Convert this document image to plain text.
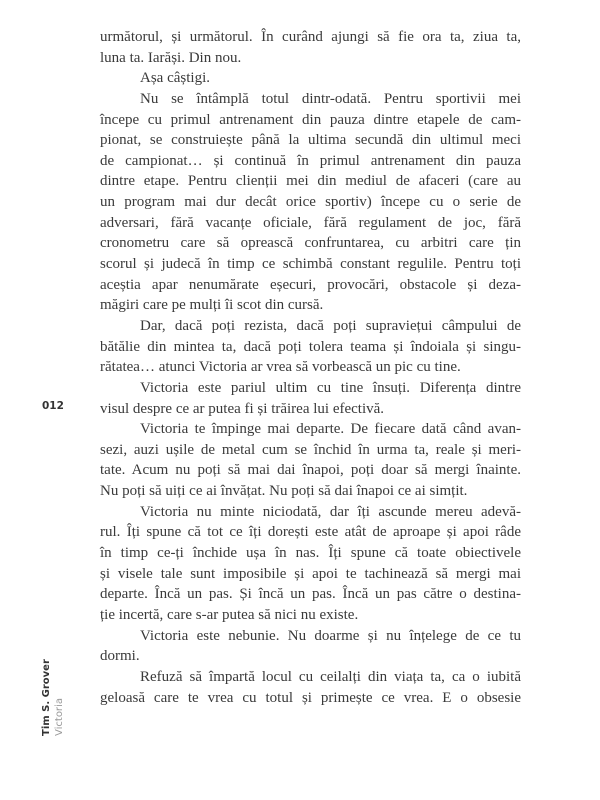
următorul, și următorul. În curând ajungi să fie ora ta, ziua ta,
luna ta. Iarăși. Din nou.
Așa câștigi.
Nu se întâmplă totul dintr-odată. Pentru sportivii mei
începe cu primul antrenament din pauza dintre etapele de cam-
pionat, se construiește până la ultima secundă din ultimul meci
de campionat… și continuă în primul antrenament din pauza
dintre etape. Pentru clienții mei din mediul de afaceri (care au
un program mai dur decât orice sportiv) începe cu o serie de
adversari, fără vacanțe oficiale, fără regulament de joc, fără
cronometru care să oprească confruntarea, cu arbitri care țin
scorul și judecă în timp ce schimbă constant regulile. Pentru toți
aceștia apar nenumărate eșecuri, provocări, obstacole și deza-
măgiri care pe mulți îi scot din cursă.
Dar, dacă poți rezista, dacă poți supraviețui câmpului de
bătălie din mintea ta, dacă poți tolera teama și îndoiala și singu-
rătatea… atunci Victoria ar vrea să vorbească un pic cu tine.
Victoria este pariul ultim cu tine însuți. Diferența dintre
visul despre ce ar putea fi și trăirea lui efectivă.
Victoria te împinge mai departe. De fiecare dată când avan-
sezi, auzi ușile de metal cum se închid în urma ta, reale și meri-
tate. Acum nu poți să mai dai înapoi, poți doar să mergi înainte.
Nu poți să uiți ce ai învățat. Nu poți să dai înapoi ce ai simțit.
Victoria nu minte niciodată, dar îți ascunde mereu adevă-
rul. Îți spune că tot ce îți dorești este atât de aproape și apoi râde
în timp ce-ți închide ușa în nas. Îți spune că toate obiectivele
și visele tale sunt imposibile și apoi te tachinează să mergi mai
departe. Încă un pas. Și încă un pas. Încă un pas către o destina-
ție incertă, care s-ar putea să nici nu existe.
Victoria este nebunie. Nu doarme și nu înțelege de ce tu
dormi.
Refuză să împartă locul cu ceilalți din viața ta, ca o iubită
geloasă care te vrea cu totul și primește ce vrea. E o obsesie
012
Tim S. Grover Victoria
